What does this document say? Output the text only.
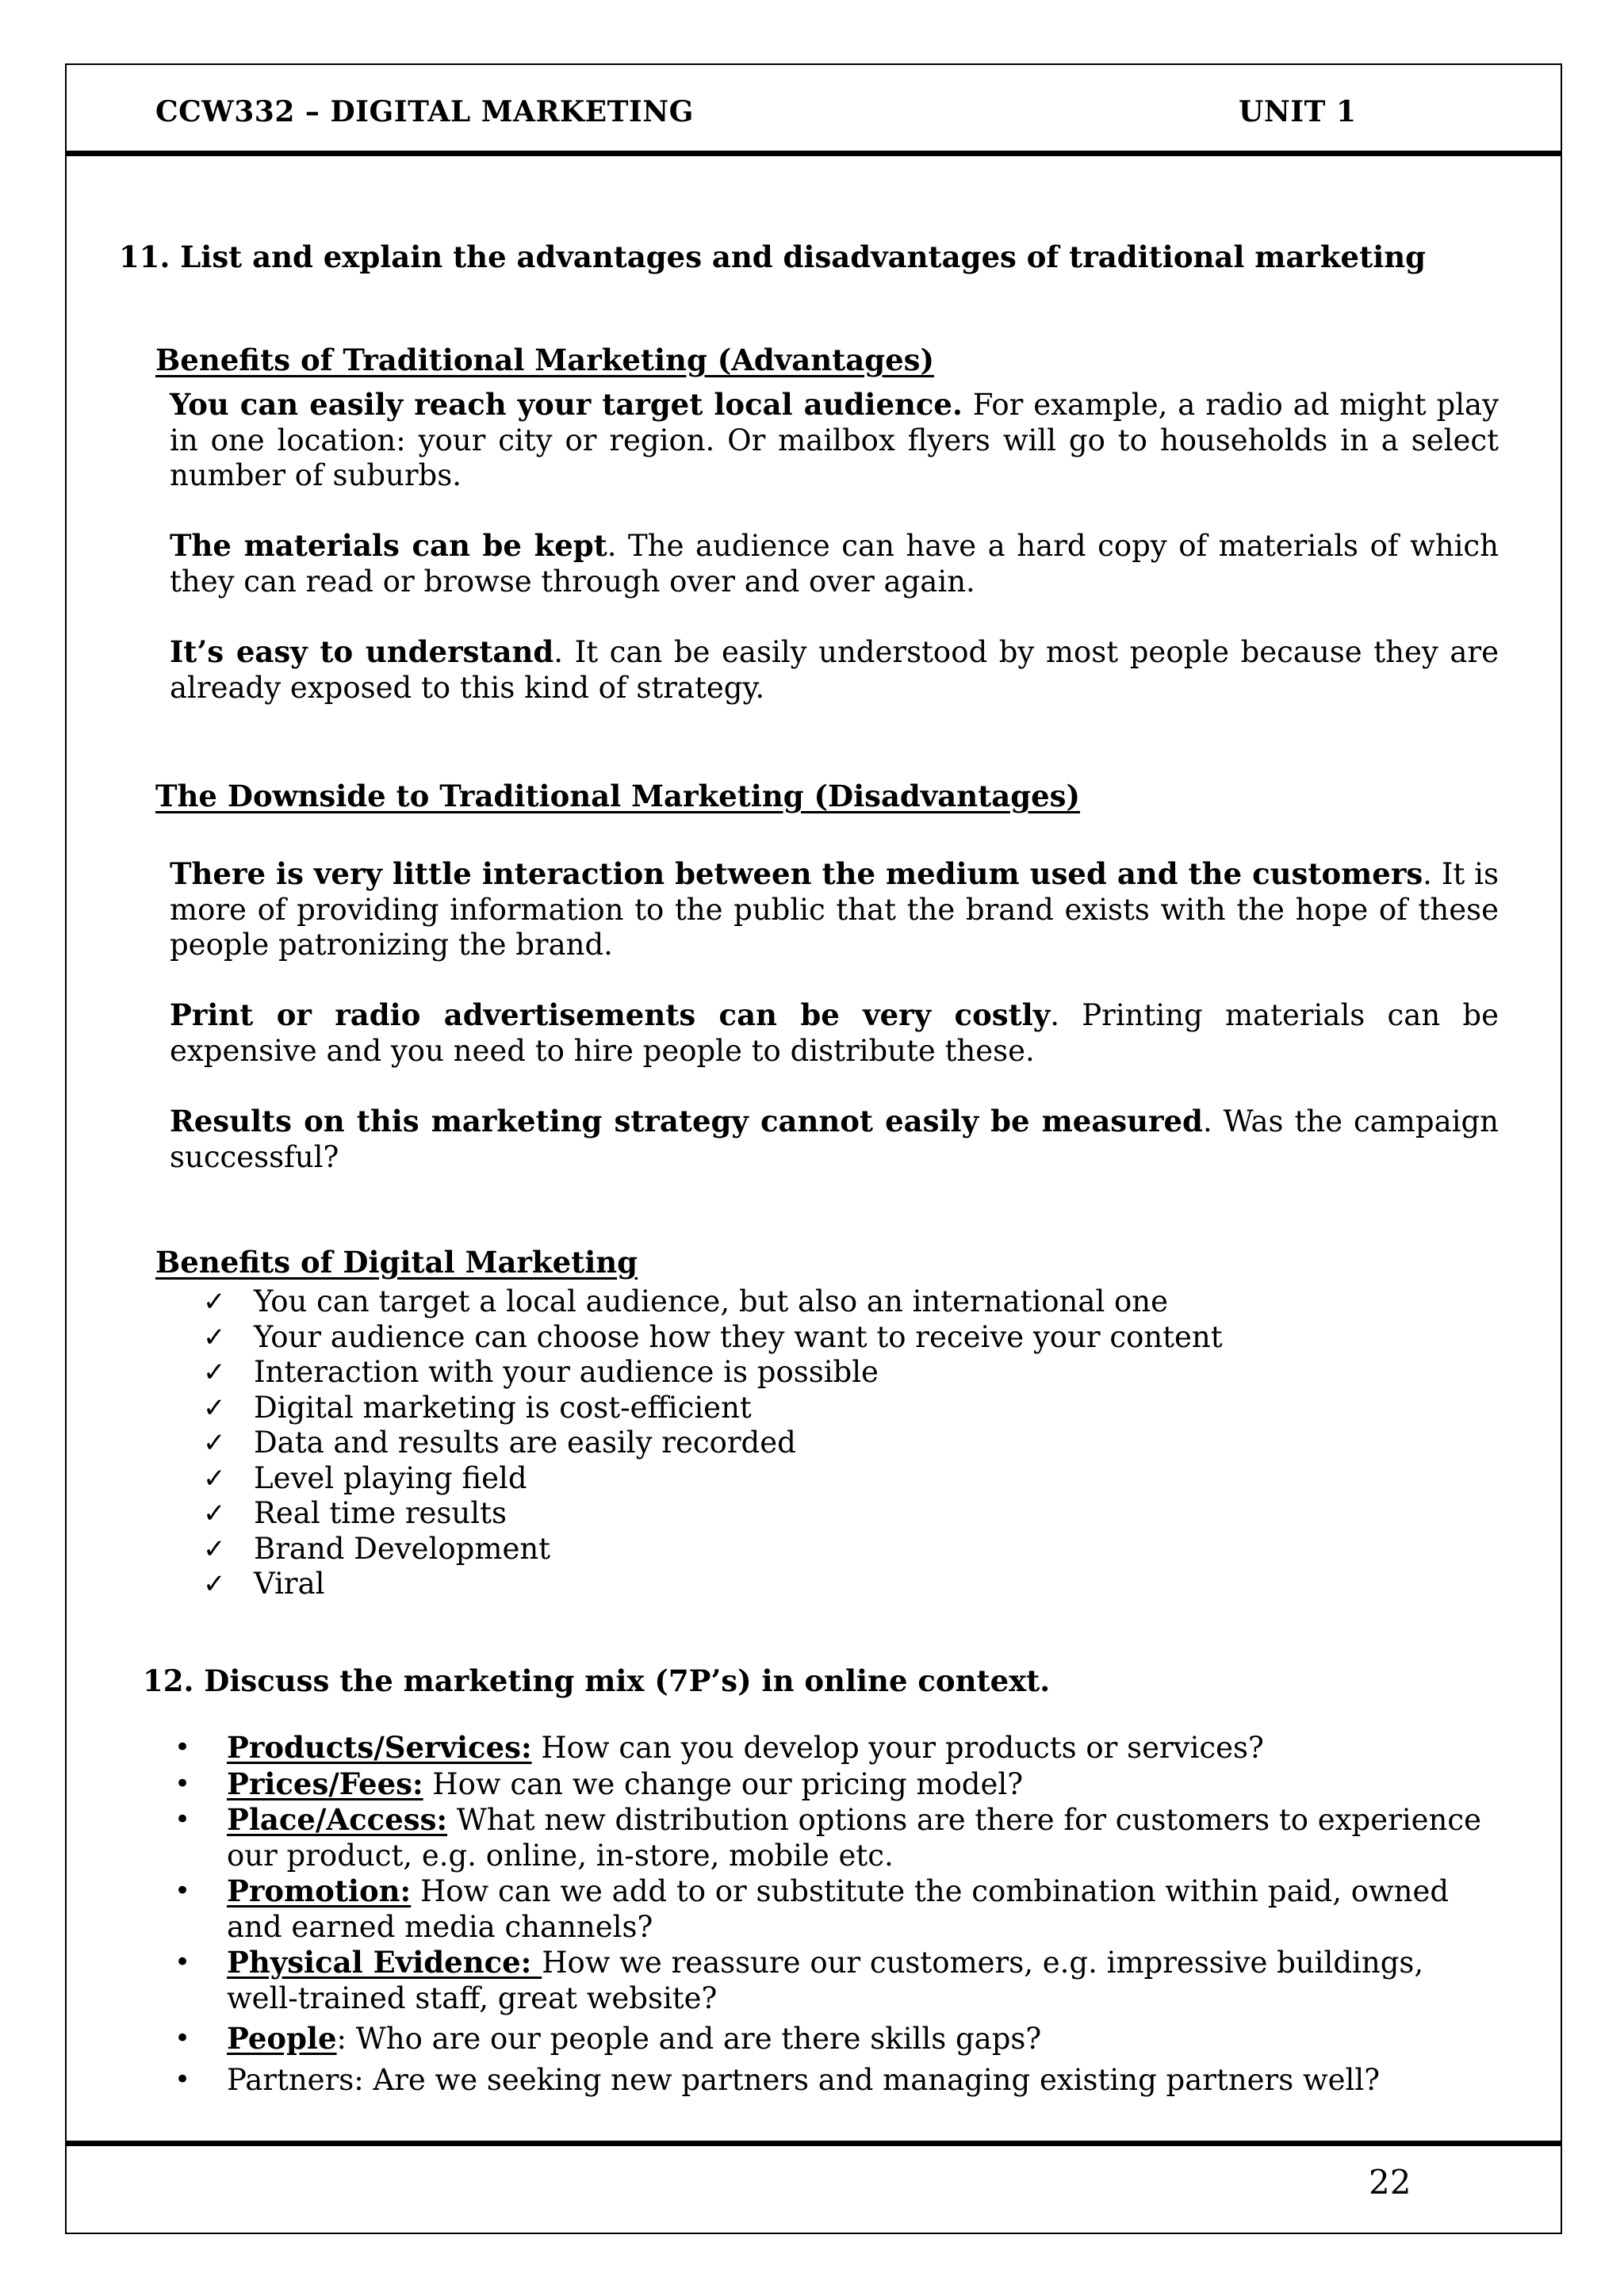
CCW332 – DIGITAL MARKETING	UNIT 1
11. List and explain the advantages and disadvantages of traditional marketing
Benefits of Traditional Marketing (Advantages)
You can easily reach your target local audience. For example, a radio ad might play in one location: your city or region. Or mailbox flyers will go to households in a select number of suburbs.
The materials can be kept. The audience can have a hard copy of materials of which they can read or browse through over and over again.
It’s easy to understand. It can be easily understood by most people because they are already exposed to this kind of strategy.
The Downside to Traditional Marketing (Disadvantages)
There is very little interaction between the medium used and the customers. It is more of providing information to the public that the brand exists with the hope of these people patronizing the brand.
Print or radio advertisements can be very costly. Printing materials can be expensive and you need to hire people to distribute these.
Results on this marketing strategy cannot easily be measured. Was the campaign successful?
Benefits of Digital Marketing
✓ You can target a local audience, but also an international one
✓ Your audience can choose how they want to receive your content
✓ Interaction with your audience is possible
✓ Digital marketing is cost-efficient
✓ Data and results are easily recorded
✓ Level playing field
✓ Real time results
✓ Brand Development
✓ Viral
12. Discuss the marketing mix (7P’s) in online context.
• Products/Services: How can you develop your products or services?
• Prices/Fees: How can we change our pricing model?
• Place/Access: What new distribution options are there for customers to experience our product, e.g. online, in-store, mobile etc.
• Promotion: How can we add to or substitute the combination within paid, owned and earned media channels?
• Physical Evidence: How we reassure our customers, e.g. impressive buildings, well-trained staff, great website?
• People: Who are our people and are there skills gaps?
• Partners: Are we seeking new partners and managing existing partners well?
22
